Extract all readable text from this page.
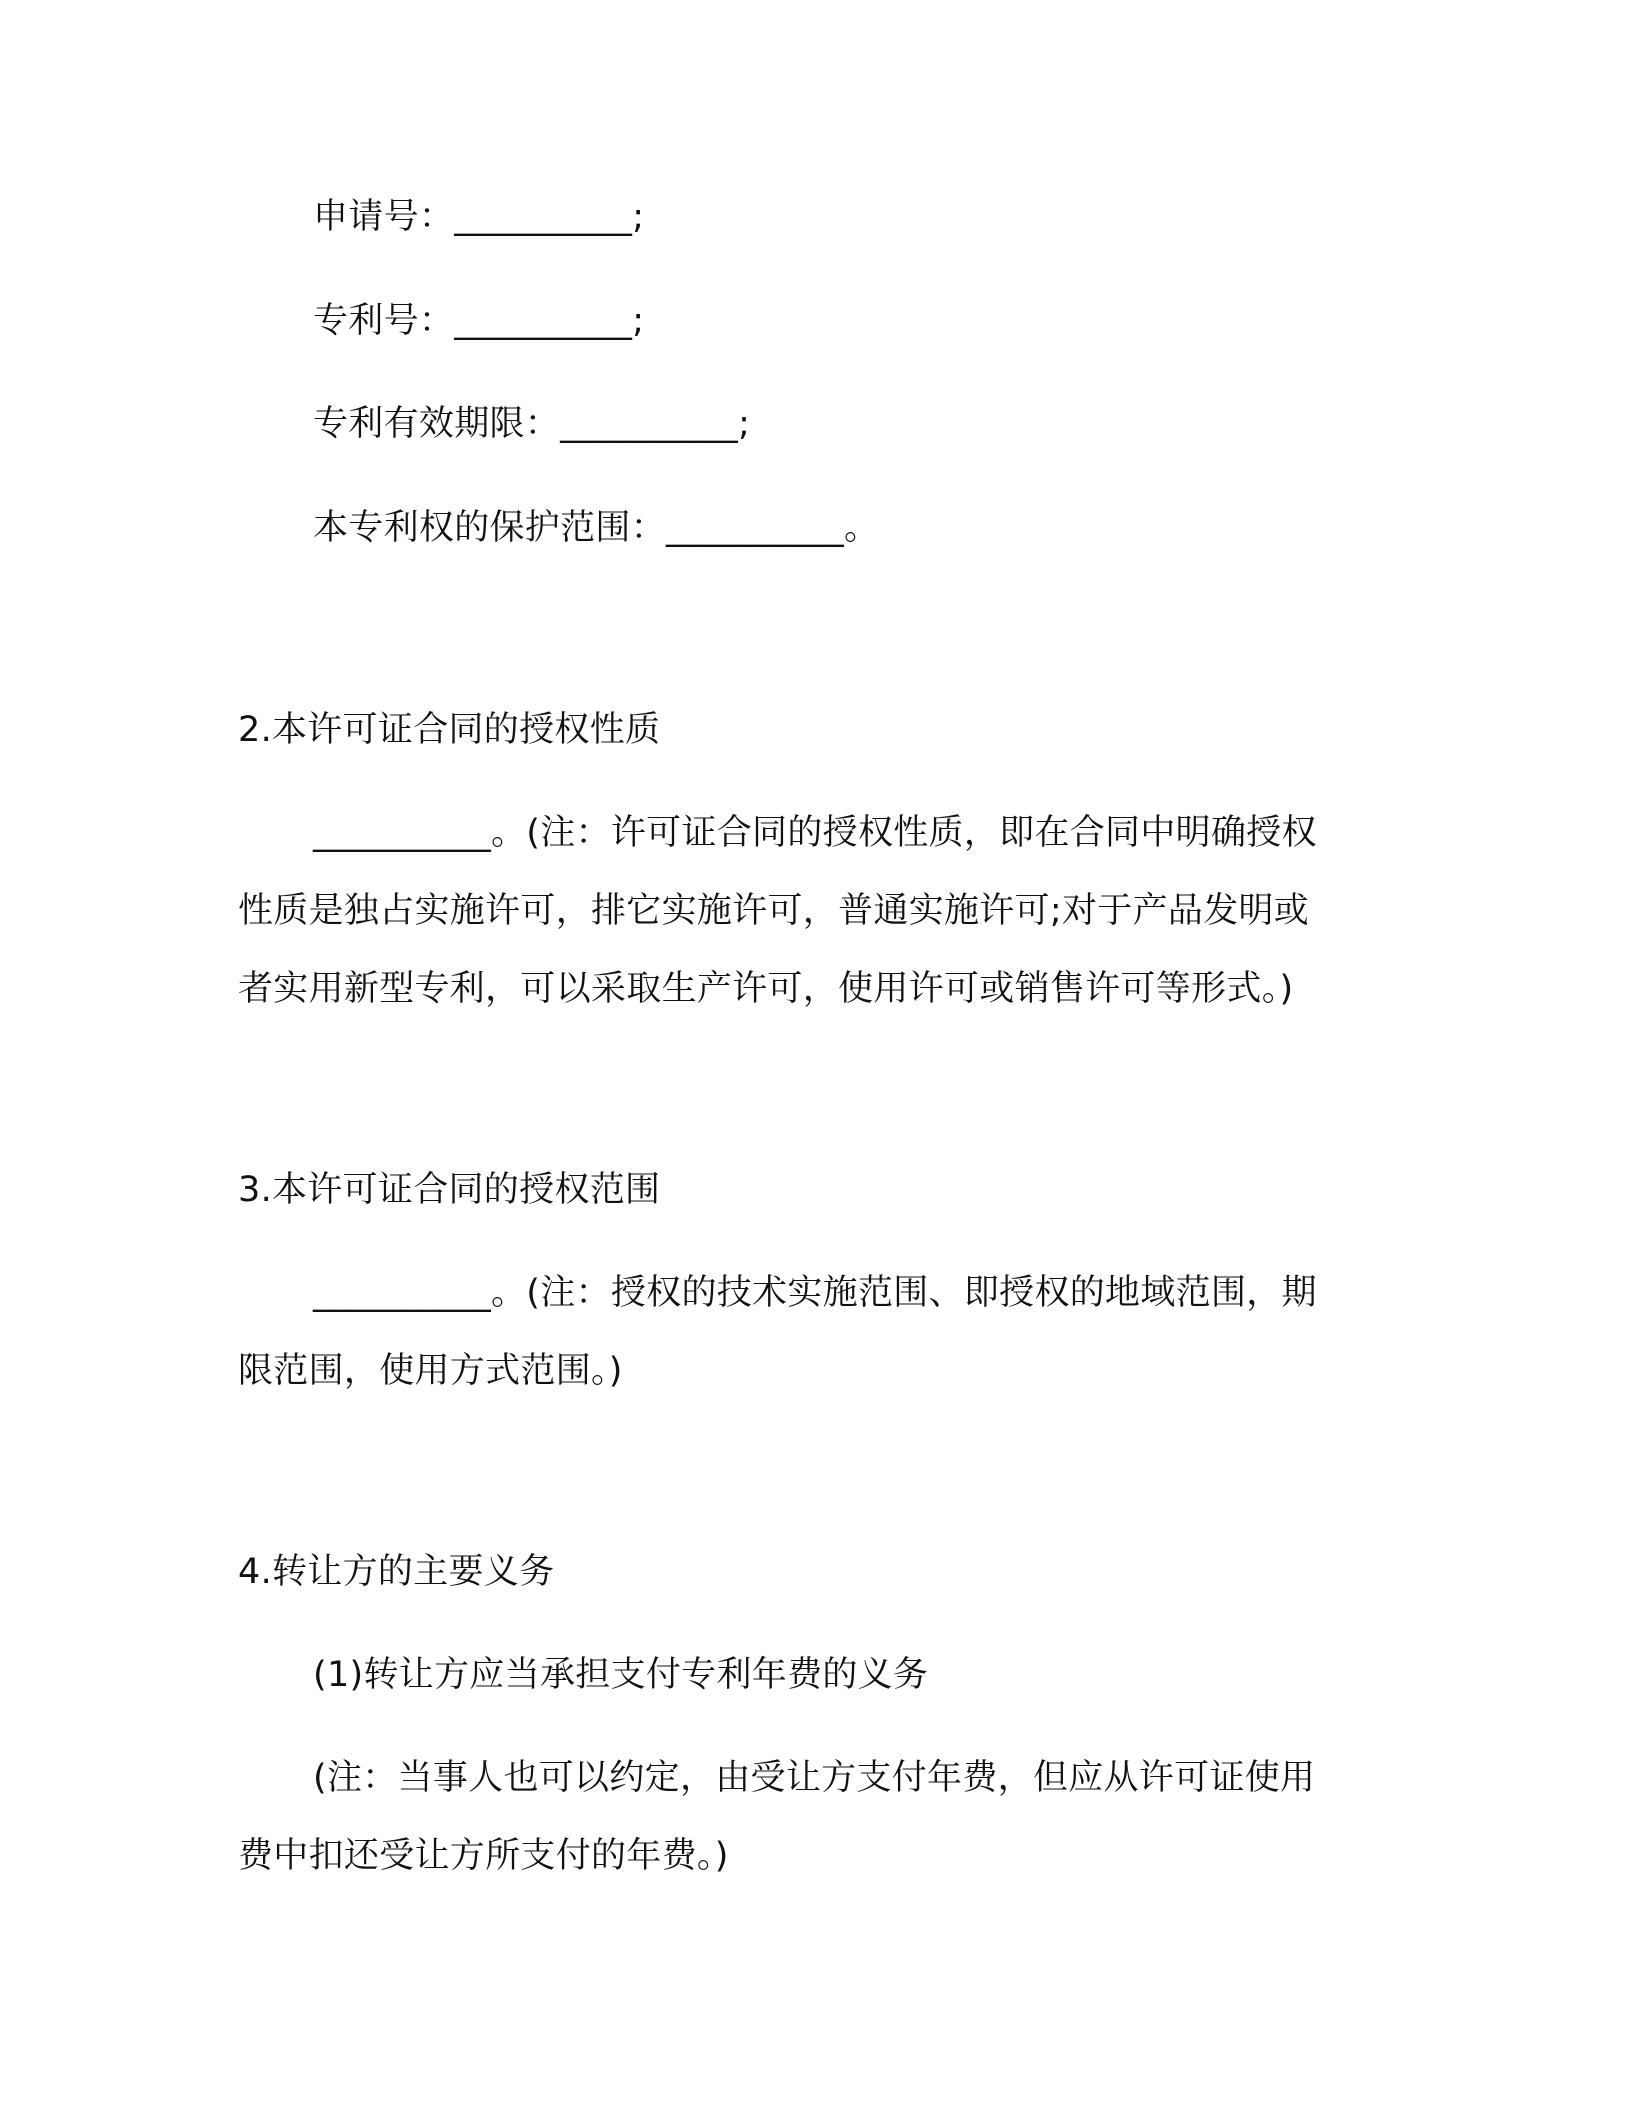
申请号：__________;

专利号：__________;

专利有效期限：__________;

本专利权的保护范围：__________。

2.本许可证合同的授权性质

__________。(注：许可证合同的授权性质，即在合同中明确授权

性质是独占实施许可，排它实施许可，普通实施许可;对于产品发明或

者实用新型专利，可以采取生产许可，使用许可或销售许可等形式。)

3.本许可证合同的授权范围

__________。(注：授权的技术实施范围、即授权的地域范围，期

限范围，使用方式范围。)

4.转让方的主要义务

(1)转让方应当承担支付专利年费的义务

(注：当事人也可以约定，由受让方支付年费，但应从许可证使用

费中扣还受让方所支付的年费。)
